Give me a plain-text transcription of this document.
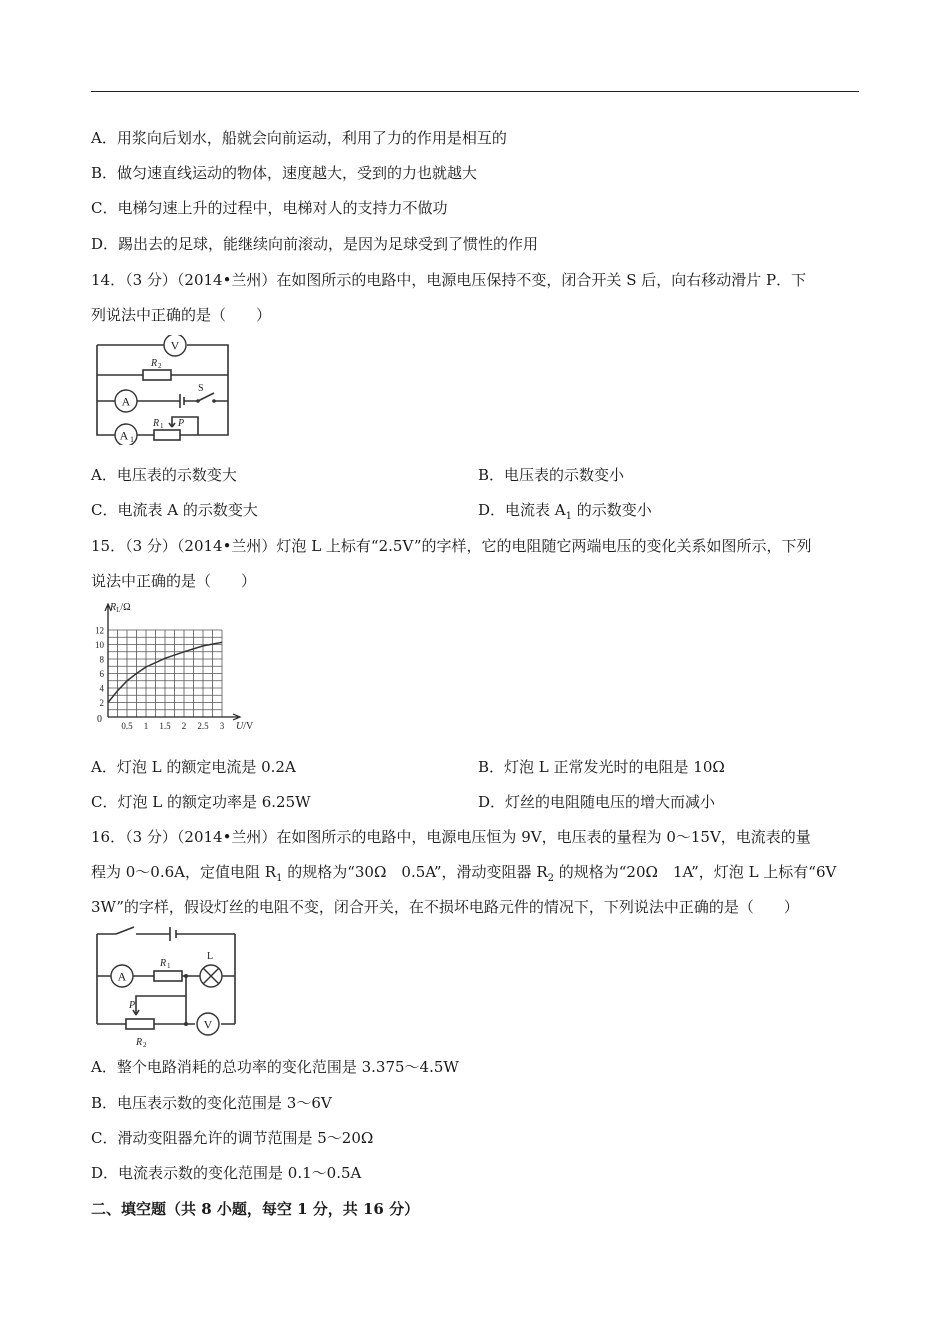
A．用浆向后划水，船就会向前运动，利用了力的作用是相互的
B．做匀速直线运动的物体，速度越大，受到的力也就越大
C．电梯匀速上升的过程中，电梯对人的支持力不做功
D．踢出去的足球，能继续向前滚动，是因为足球受到了惯性的作用
14．（3 分）（2014•兰州）在如图所示的电路中，电源电压保持不变，闭合开关 S 后，向右移动滑片 P．下
列说法中正确的是（　　）
V
A
A 1
R 2
S
R 1 P
A．电压表的示数变大	B．电压表的示数变小
C．电流表 A 的示数变大	D．电流表 $A_1$ 的示数变小
15．（3 分）（2014•兰州）灯泡 L 上标有“2.5V”的字样，它的电阻随它两端电压的变化关系如图所示，下列
说法中正确的是（　　）
2
4
6
8
10
12
0.5 1 1.5 2 2.5 3
$R_L/\Omega$
U/V
0
A．灯泡 L 的额定电流是 0.2A	B．灯泡 L 正常发光时的电阻是 10Ω
C．灯泡 L 的额定功率是 6.25W	D．灯丝的电阻随电压的增大而减小
16．（3 分）（2014•兰州）在如图所示的电路中，电源电压恒为 9V，电压表的量程为 0～15V，电流表的量
程为 0～0.6A，定值电阻 $R_1$ 的规格为“30Ω　0.5A”，滑动变阻器 $R_2$ 的规格为“20Ω　1A”，灯泡 L 上标有“6V
3W”的字样，假设灯丝的电阻不变，闭合开关，在不损坏电路元件的情况下，下列说法中正确的是（　　）
A
V
R 1
L
P
R 2
A．整个电路消耗的总功率的变化范围是 3.375～4.5W
B．电压表示数的变化范围是 3～6V
C．滑动变阻器允许的调节范围是 5～20Ω
D．电流表示数的变化范围是 0.1～0.5A
二、填空题（共 8 小题，每空 1 分，共 16 分）
